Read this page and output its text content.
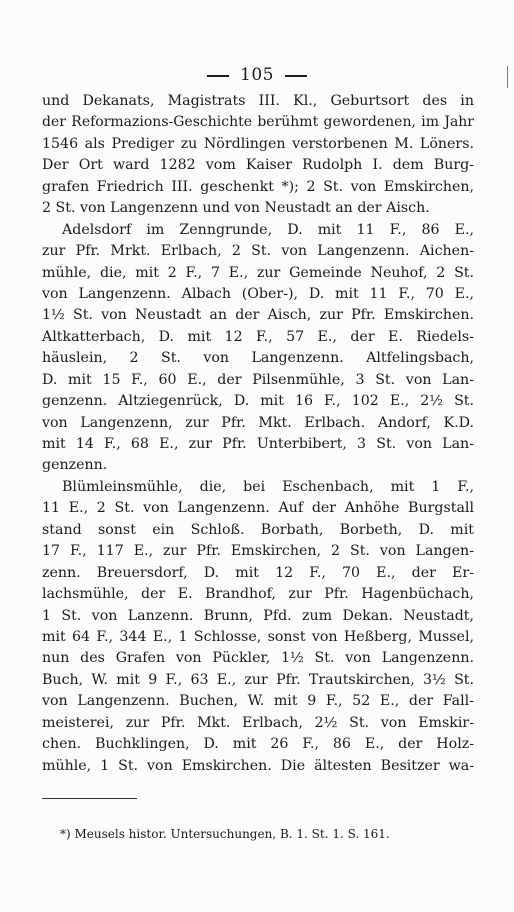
105
und Dekanats, Magistrats III. Kl., Geburtsort des in
der Reformazions-Geschichte berühmt gewordenen, im Jahr
1546 als Prediger zu Nördlingen verstorbenen M. Löners.
Der Ort ward 1282 vom Kaiser Rudolph I. dem Burg-
grafen Friedrich III. geschenkt *); 2 St. von Emskirchen,
2 St. von Langenzenn und von Neustadt an der Aisch.
Adelsdorf im Zenngrunde, D. mit 11 F., 86 E.,
zur Pfr. Mrkt. Erlbach, 2 St. von Langenzenn. Aichen-
mühle, die, mit 2 F., 7 E., zur Gemeinde Neuhof, 2 St.
von Langenzenn. Albach (Ober-), D. mit 11 F., 70 E.,
1½ St. von Neustadt an der Aisch, zur Pfr. Emskirchen.
Altkatterbach, D. mit 12 F., 57 E., der E. Riedels-
häuslein, 2 St. von Langenzenn. Altfelingsbach,
D. mit 15 F., 60 E., der Pilsenmühle, 3 St. von Lan-
genzenn. Altziegenrück, D. mit 16 F., 102 E., 2½ St.
von Langenzenn, zur Pfr. Mkt. Erlbach. Andorf, K.D.
mit 14 F., 68 E., zur Pfr. Unterbibert, 3 St. von Lan-
genzenn.
Blümleinsmühle, die, bei Eschenbach, mit 1 F.,
11 E., 2 St. von Langenzenn. Auf der Anhöhe Burgstall
stand sonst ein Schloß. Borbath, Borbeth, D. mit
17 F., 117 E., zur Pfr. Emskirchen, 2 St. von Langen-
zenn. Breuersdorf, D. mit 12 F., 70 E., der Er-
lachsmühle, der E. Brandhof, zur Pfr. Hagenbüchach,
1 St. von Lanzenn. Brunn, Pfd. zum Dekan. Neustadt,
mit 64 F., 344 E., 1 Schlosse, sonst von Heßberg, Mussel,
nun des Grafen von Pückler, 1½ St. von Langenzenn.
Buch, W. mit 9 F., 63 E., zur Pfr. Trautskirchen, 3½ St.
von Langenzenn. Buchen, W. mit 9 F., 52 E., der Fall-
meisterei, zur Pfr. Mkt. Erlbach, 2½ St. von Emskir-
chen. Buchklingen, D. mit 26 F., 86 E., der Holz-
mühle, 1 St. von Emskirchen. Die ältesten Besitzer wa-
*) Meusels histor. Untersuchungen, B. 1. St. 1. S. 161.
